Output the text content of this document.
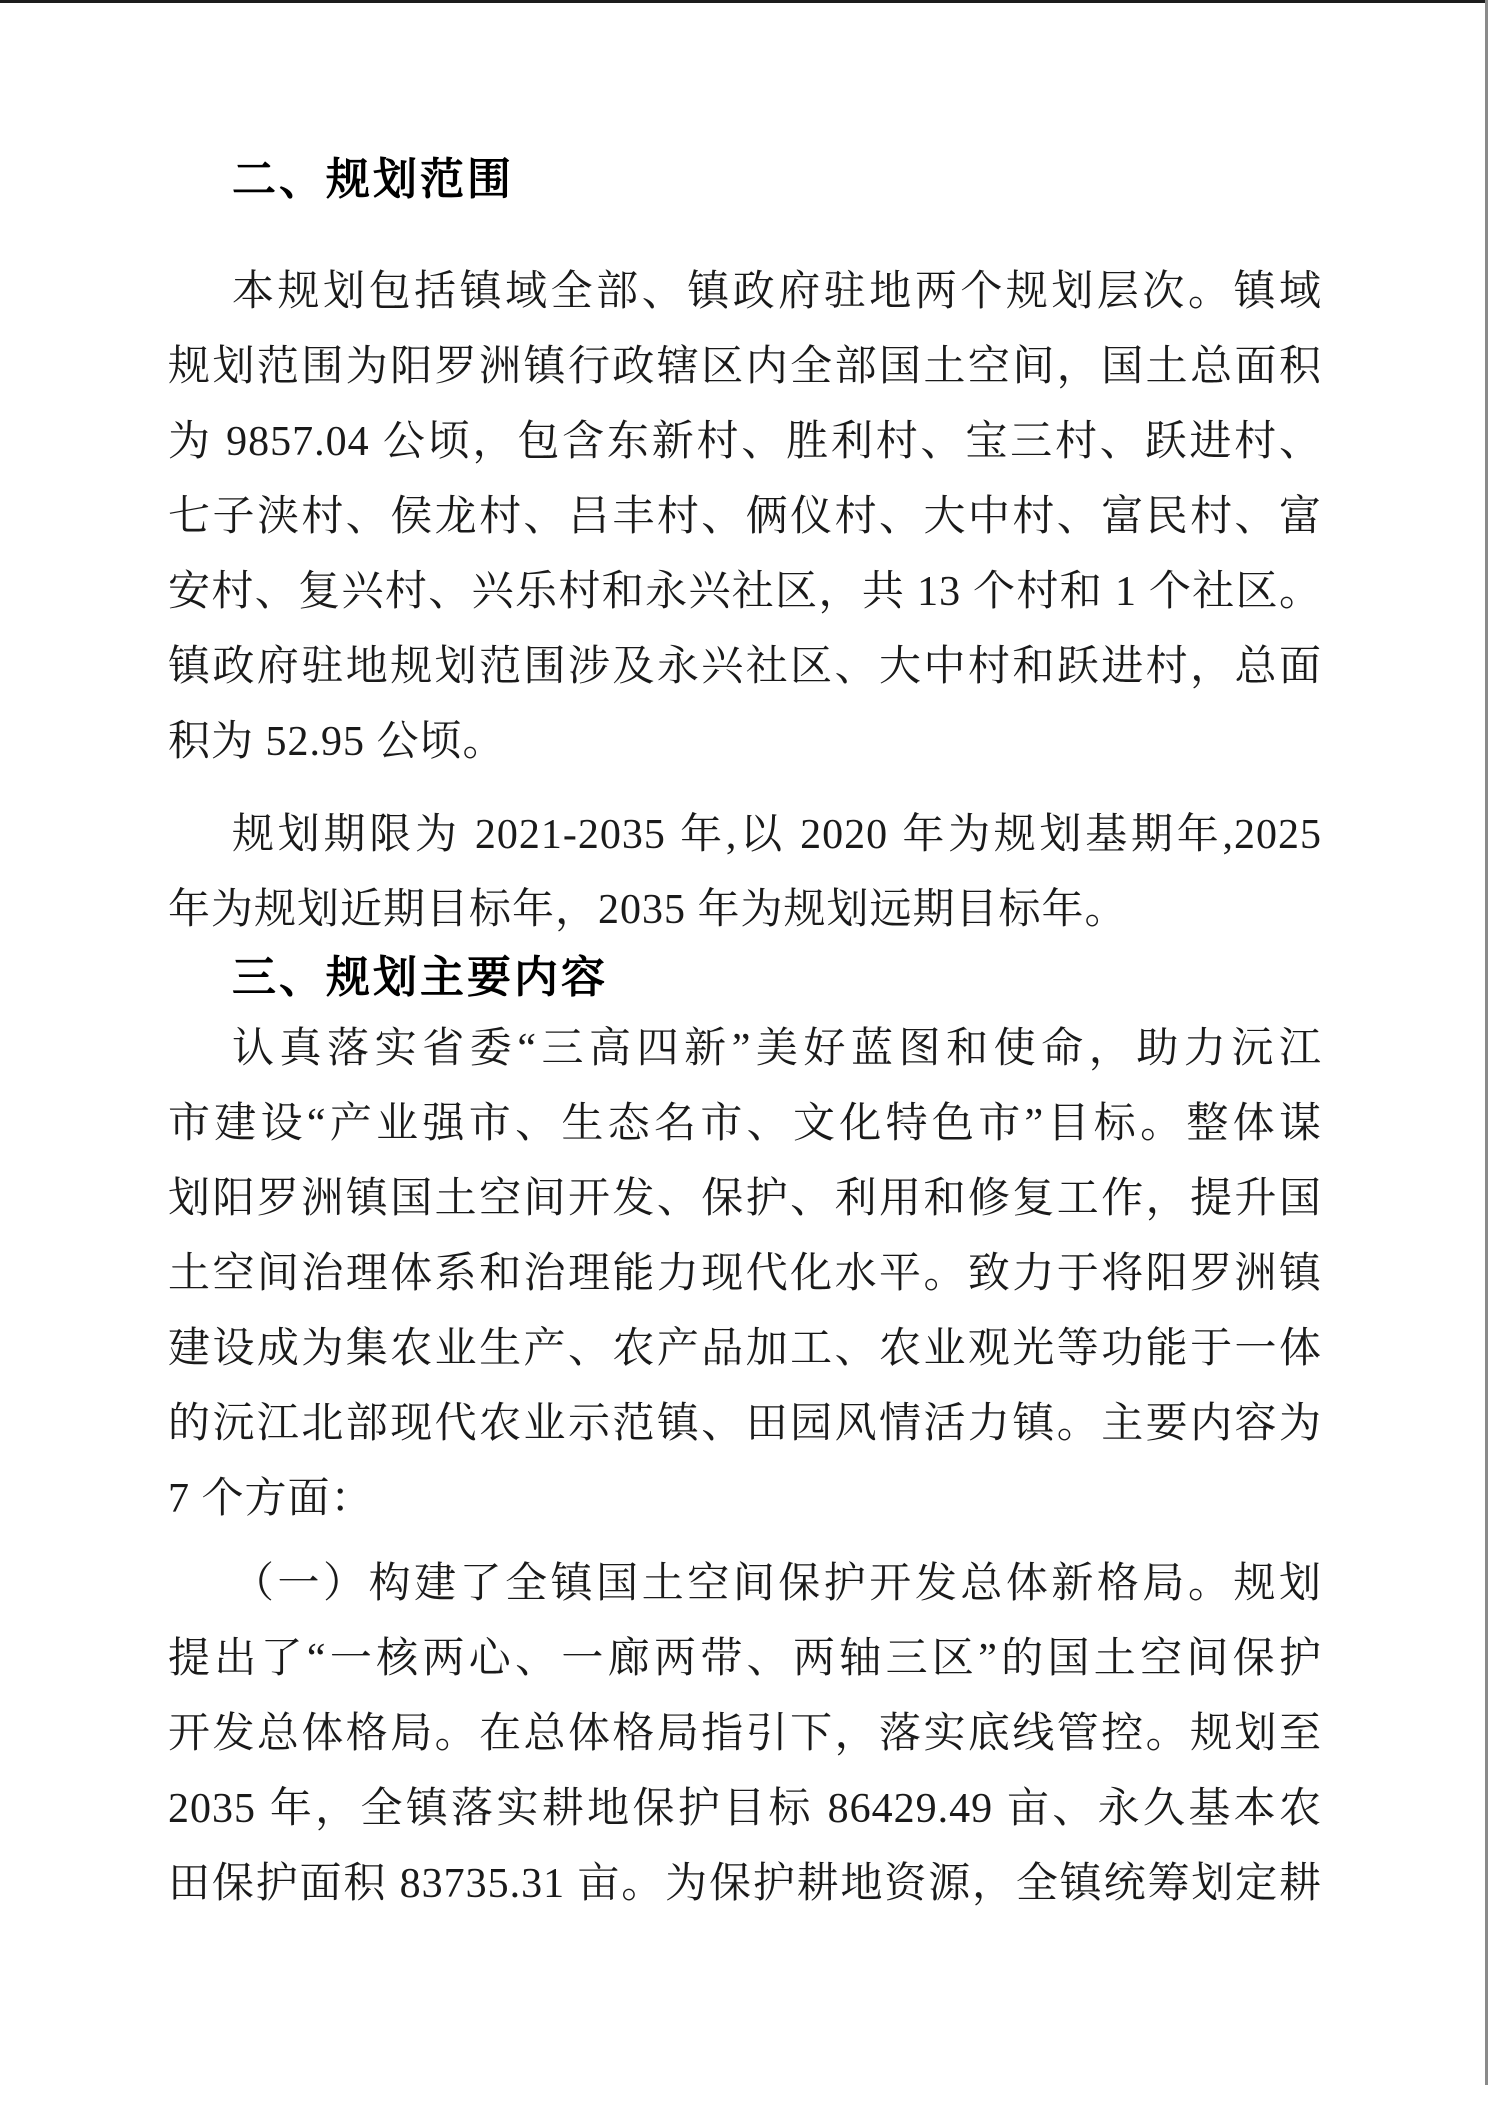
二、规划范围
本规划包括镇域全部、镇政府驻地两个规划层次。镇域
规划范围为阳罗洲镇行政辖区内全部国土空间，国土总面积
为 9857.04 公顷，包含东新村、胜利村、宝三村、跃进村、
七子浃村、侯龙村、吕丰村、俩仪村、大中村、富民村、富
安村、复兴村、兴乐村和永兴社区，共 13 个村和 1 个社区。
镇政府驻地规划范围涉及永兴社区、大中村和跃进村，总面
积为 52.95 公顷。
规划期限为 2021-2035 年,以 2020 年为规划基期年,2025
年为规划近期目标年，2035 年为规划远期目标年。
三、规划主要内容
认真落实省委“三高四新”美好蓝图和使命，助力沅江
市建设“产业强市、生态名市、文化特色市”目标。整体谋
划阳罗洲镇国土空间开发、保护、利用和修复工作，提升国
土空间治理体系和治理能力现代化水平。致力于将阳罗洲镇
建设成为集农业生产、农产品加工、农业观光等功能于一体
的沅江北部现代农业示范镇、田园风情活力镇。主要内容为
7 个方面：
（一）构建了全镇国土空间保护开发总体新格局。规划
提出了“一核两心、一廊两带、两轴三区”的国土空间保护
开发总体格局。在总体格局指引下，落实底线管控。规划至
2035 年，全镇落实耕地保护目标 86429.49 亩、永久基本农
田保护面积 83735.31 亩。为保护耕地资源，全镇统筹划定耕
